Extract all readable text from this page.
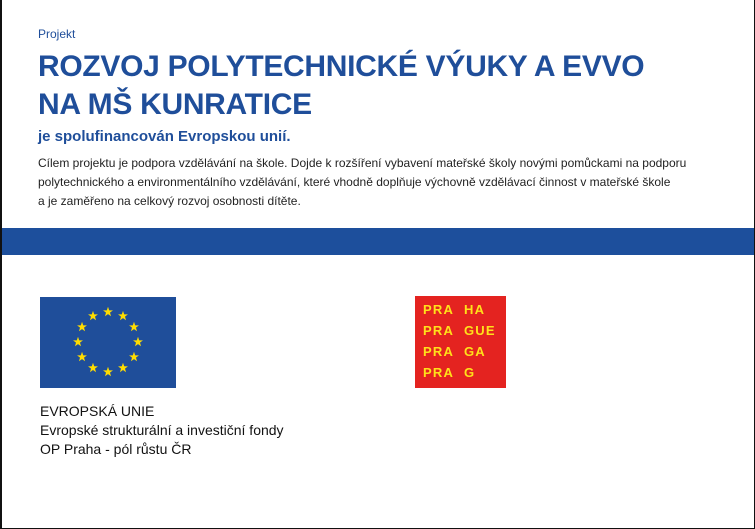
Projekt
ROZVOJ POLYTECHNICKÉ VÝUKY A EVVO
NA MŠ KUNRATICE
je spolufinancován Evropskou unií.
Cílem projektu je podpora vzdělávání na škole. Dojde k rozšíření vybavení mateřské školy novými pomůckami na podporu
polytechnického a environmentálního vzdělávání, které vhodně doplňuje výchovně vzdělávací činnost v mateřské škole
a je zaměřeno na celkový rozvoj osobnosti dítěte.
EVROPSKÁ UNIE
Evropské strukturální a investiční fondy
OP Praha - pól růstu ČR
PRA HA
PRA GUE
PRA GA
PRA G
